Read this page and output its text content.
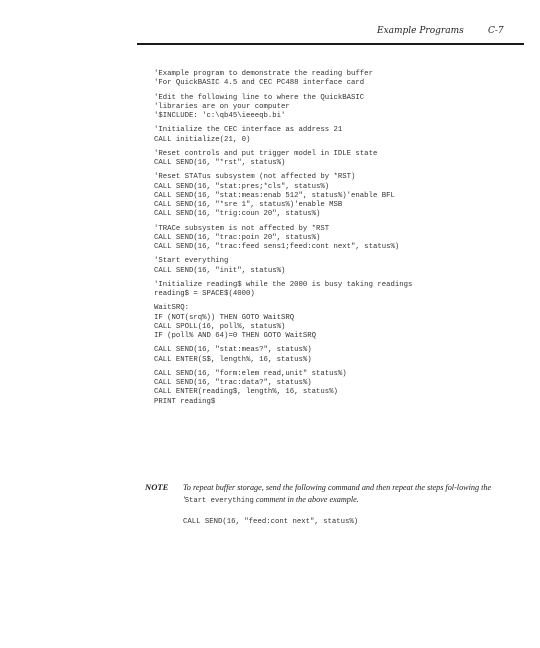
Example Programs	C-7
'Example program to demonstrate the reading buffer
'For QuickBASIC 4.5 and CEC PC488 interface card
'Edit the following line to where the QuickBASIC
'libraries are on your computer
'$INCLUDE: 'c:\qb45\ieeeqb.bi'
'Initialize the CEC interface as address 21
CALL initialize(21, 0)
'Reset controls and put trigger model in IDLE state
CALL SEND(16, "*rst", status%)
'Reset STATus subsystem (not affected by *RST)
CALL SEND(16, "stat:pres;*cls", status%)
CALL SEND(16, "stat:meas:enab 512", status%)'enable BFL
CALL SEND(16, "*sre 1", status%)'enable MSB
CALL SEND(16, "trig:coun 20", status%)
'TRACe subsystem is not affected by *RST
CALL SEND(16, "trac:poin 20", status%)
CALL SEND(16, "trac:feed sens1;feed:cont next", status%)
'Start everything
CALL SEND(16, "init", status%)
'Initialize reading$ while the 2000 is busy taking readings
reading$ = SPACE$(4000)
WaitSRQ:
IF (NOT(srq%)) THEN GOTO WaitSRQ
CALL SPOLL(16, poll%, status%)
IF (poll% AND 64)=0 THEN GOTO WaitSRQ
CALL SEND(16, "stat:meas?", status%)
CALL ENTER(S$, length%, 16, status%)
CALL SEND(16, "form:elem read,unit" status%)
CALL SEND(16, "trac:data?", status%)
CALL ENTER(reading$, length%, 16, status%)
PRINT reading$
NOTE To repeat buffer storage, send the following command and then repeat the steps fol-lowing the 'Start everything comment in the above example.
CALL SEND(16, "feed:cont next", status%)
